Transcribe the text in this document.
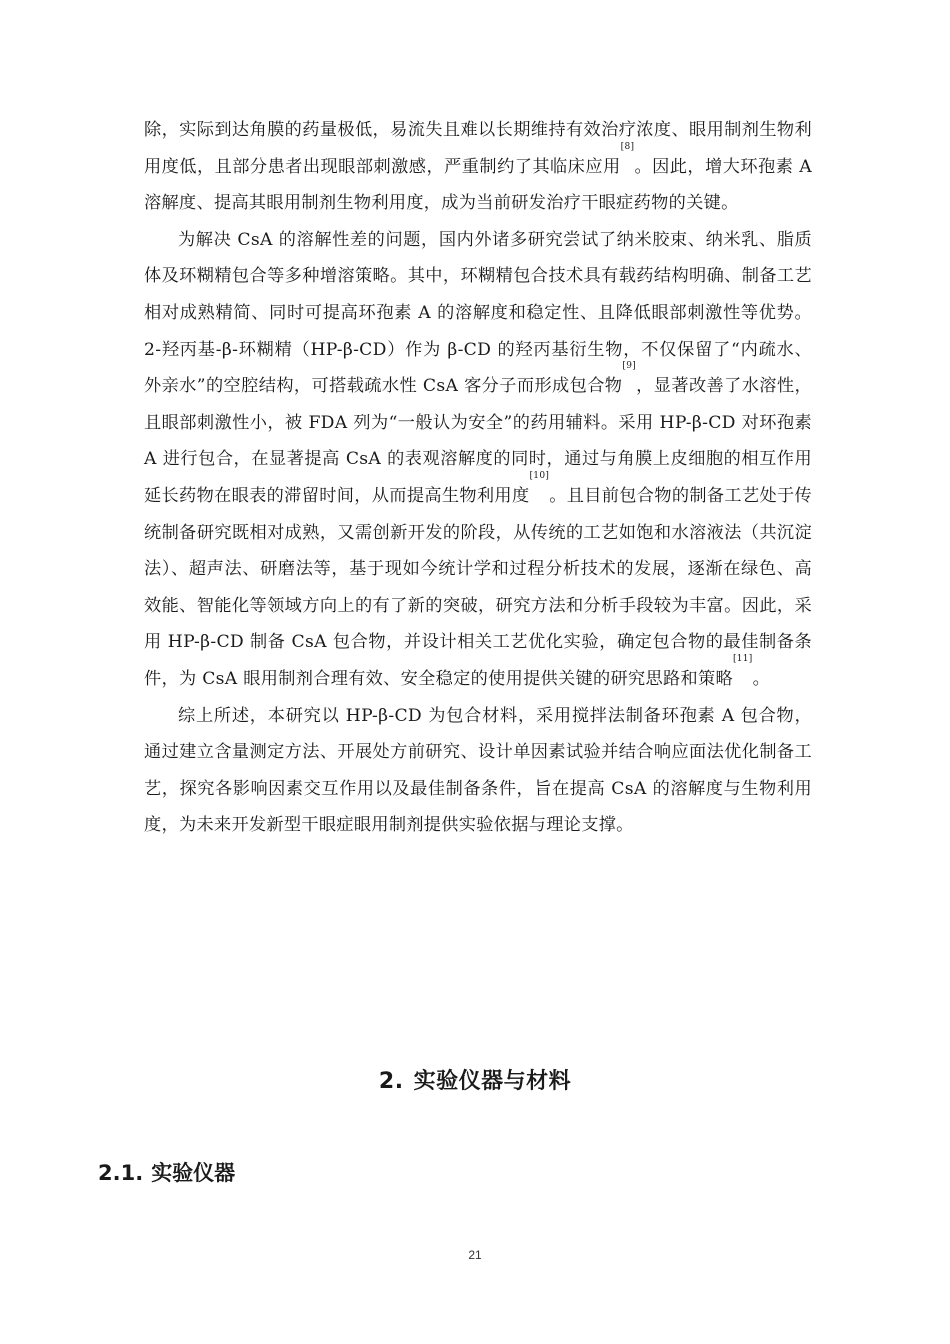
除，实际到达角膜的药量极低，易流失且难以长期维持有效治疗浓度、眼用制剂生物利用度低，且部分患者出现眼部刺激感，严重制约了其临床应用[8]。因此，增大环孢素 A 溶解度、提高其眼用制剂生物利用度，成为当前研发治疗干眼症药物的关键。

为解决 CsA 的溶解性差的问题，国内外诸多研究尝试了纳米胶束、纳米乳、脂质体及环糊精包合等多种增溶策略。其中，环糊精包合技术具有载药结构明确、制备工艺相对成熟精简、同时可提高环孢素 A 的溶解度和稳定性、且降低眼部刺激性等优势。2-羟丙基-β-环糊精（HP-β-CD）作为 β-CD 的羟丙基衍生物，不仅保留了“内疏水、外亲水”的空腔结构，可搭载疏水性 CsA 客分子而形成包合物[9]，显著改善了水溶性，且眼部刺激性小，被 FDA 列为“一般认为安全”的药用辅料。采用 HP-β-CD 对环孢素 A 进行包合，在显著提高 CsA 的表观溶解度的同时，通过与角膜上皮细胞的相互作用延长药物在眼表的滞留时间，从而提高生物利用度[10]。且目前包合物的制备工艺处于传统制备研究既相对成熟，又需创新开发的阶段，从传统的工艺如饱和水溶液法（共沉淀法）、超声法、研磨法等，基于现如今统计学和过程分析技术的发展，逐渐在绿色、高效能、智能化等领域方向上的有了新的突破，研究方法和分析手段较为丰富。因此，采用 HP-β-CD 制备 CsA 包合物，并设计相关工艺优化实验，确定包合物的最佳制备条件，为 CsA 眼用制剂合理有效、安全稳定的使用提供关键的研究思路和策略[11]。

综上所述，本研究以 HP-β-CD 为包合材料，采用搅拌法制备环孢素 A 包合物，通过建立含量测定方法、开展处方前研究、设计单因素试验并结合响应面法优化制备工艺，探究各影响因素交互作用以及最佳制备条件，旨在提高 CsA 的溶解度与生物利用度，为未来开发新型干眼症眼用制剂提供实验依据与理论支撑。

2. 实验仪器与材料
2.1. 实验仪器
21
